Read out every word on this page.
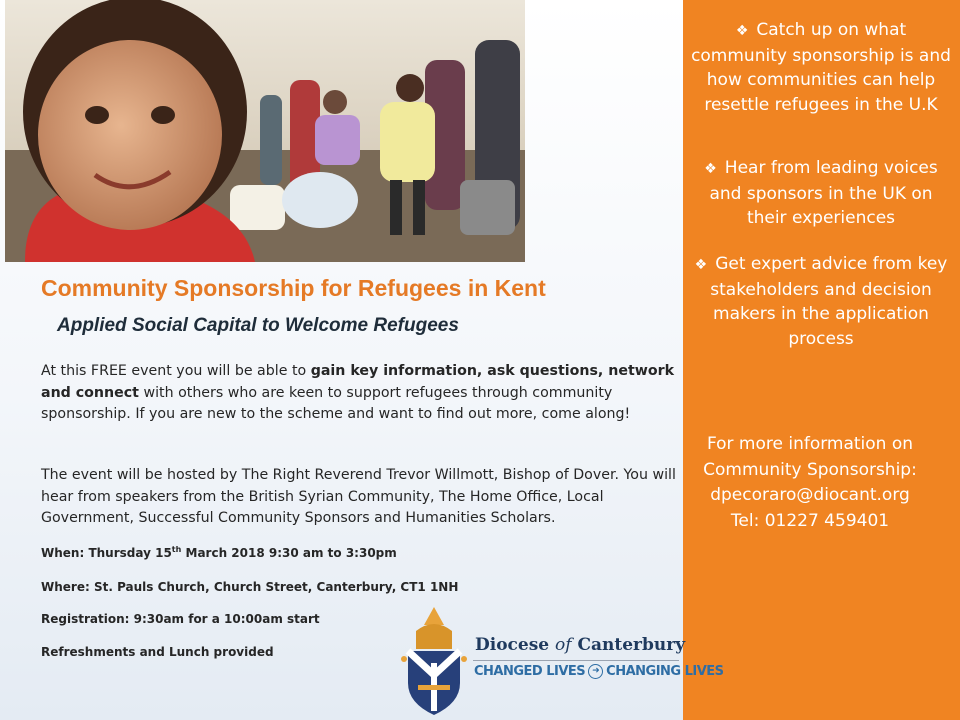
❖ Catch up on what community sponsorship is and how communities can help resettle refugees in the U.K
❖ Hear from leading voices and sponsors in the UK on their experiences
❖ Get expert advice from key stakeholders and decision makers in the application process
For more information on
Community Sponsorship:
dpecoraro@diocant.org
Tel: 01227 459401
Community Sponsorship for Refugees in Kent
Applied Social Capital to Welcome Refugees
At this FREE event you will be able to gain key information, ask questions, network and connect with others who are keen to support refugees through community sponsorship. If you are new to the scheme and want to find out more, come along!
The event will be hosted by The Right Reverend Trevor Willmott, Bishop of Dover. You will hear from speakers from the British Syrian Community, The Home Office, Local Government, Successful Community Sponsors and Humanities Scholars.
When: Thursday 15th March 2018 9:30 am to 3:30pm
Where: St. Pauls Church, Church Street, Canterbury, CT1 1NH
Registration: 9:30am for a 10:00am start
Refreshments and Lunch provided	Diocese of Canterbury
CHANGED LIVES ➜ CHANGING LIVES
